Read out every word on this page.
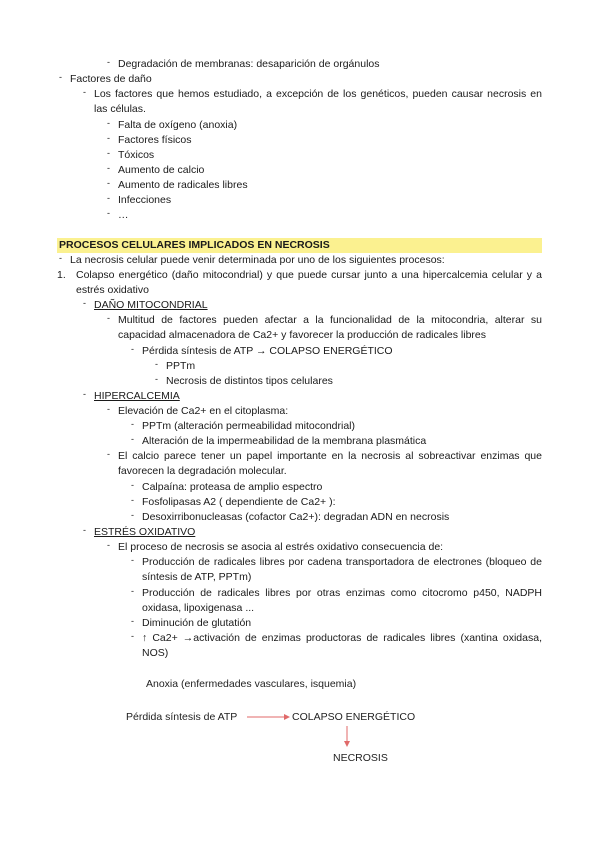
- Degradación de membranas: desaparición de orgánulos
- Factores de daño
- Los factores que hemos estudiado, a excepción de los genéticos, pueden causar necrosis en las células.
- Falta de oxígeno (anoxia)
- Factores físicos
- Tóxicos
- Aumento de calcio
- Aumento de radicales libres
- Infecciones
- …
PROCESOS CELULARES IMPLICADOS EN NECROSIS
- La necrosis celular puede venir determinada por uno de los siguientes procesos:
1. Colapso energético (daño mitocondrial) y que puede cursar junto a una hipercalcemia celular y a estrés oxidativo
- DAÑO MITOCONDRIAL
- Multitud de factores pueden afectar a la funcionalidad de la mitocondria, alterar su capacidad almacenadora de Ca2+ y favorecer la producción de radicales libres
- Pérdida síntesis de ATP → COLAPSO ENERGÉTICO
- PPTm
- Necrosis de distintos tipos celulares
- HIPERCALCEMIA
- Elevación de Ca2+ en el citoplasma:
- PPTm (alteración permeabilidad mitocondrial)
- Alteración de la impermeabilidad de la membrana plasmática
- El calcio parece tener un papel importante en la necrosis al sobreactivar enzimas que favorecen la degradación molecular.
- Calpaína: proteasa de amplio espectro
- Fosfolipasas A2 ( dependiente de Ca2+ ):
- Desoxirribonucleasas (cofactor Ca2+): degradan ADN en necrosis
- ESTRÉS OXIDATIVO
- El proceso de necrosis se asocia al estrés oxidativo consecuencia de:
- Producción de radicales libres por cadena transportadora de electrones (bloqueo de síntesis de ATP, PPTm)
- Producción de radicales libres por otras enzimas como citocromo p450, NADPH oxidasa, lipoxigenasa ...
- Diminución de glutatión
- ↑ Ca2+ →activación de enzimas productoras de radicales libres (xantina oxidasa, NOS)
Anoxia (enfermedades vasculares, isquemia)
Pérdida síntesis de ATP	COLAPSO ENERGÉTICO
NECROSIS
